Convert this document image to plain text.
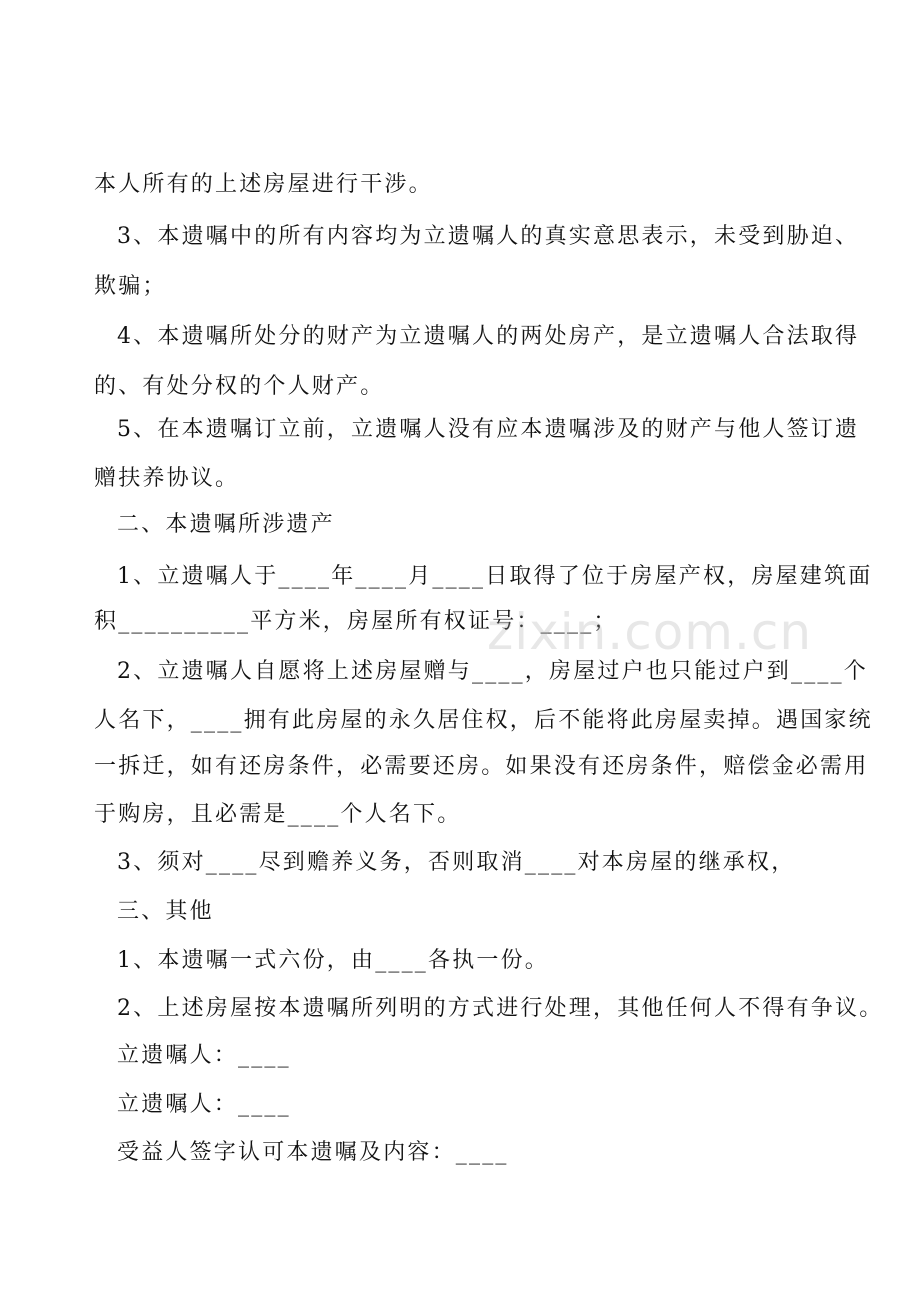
本人所有的上述房屋进行干涉。
3、本遗嘱中的所有内容均为立遗嘱人的真实意思表示，未受到胁迫、
欺骗；
4、本遗嘱所处分的财产为立遗嘱人的两处房产，是立遗嘱人合法取得
的、有处分权的个人财产。
5、在本遗嘱订立前，立遗嘱人没有应本遗嘱涉及的财产与他人签订遗
赠扶养协议。
二、本遗嘱所涉遗产
1、立遗嘱人于____年____月____日取得了位于房屋产权，房屋建筑面
积__________平方米，房屋所有权证号：____；
2、立遗嘱人自愿将上述房屋赠与____，房屋过户也只能过户到____个
人名下，____拥有此房屋的永久居住权，后不能将此房屋卖掉。遇国家统
一拆迁，如有还房条件，必需要还房。如果没有还房条件，赔偿金必需用
于购房，且必需是____个人名下。
3、须对____尽到赡养义务，否则取消____对本房屋的继承权，
三、其他
1、本遗嘱一式六份，由____各执一份。
2、上述房屋按本遗嘱所列明的方式进行处理，其他任何人不得有争议。
立遗嘱人：____
立遗嘱人：____
受益人签字认可本遗嘱及内容：____
zixin.com.cn
